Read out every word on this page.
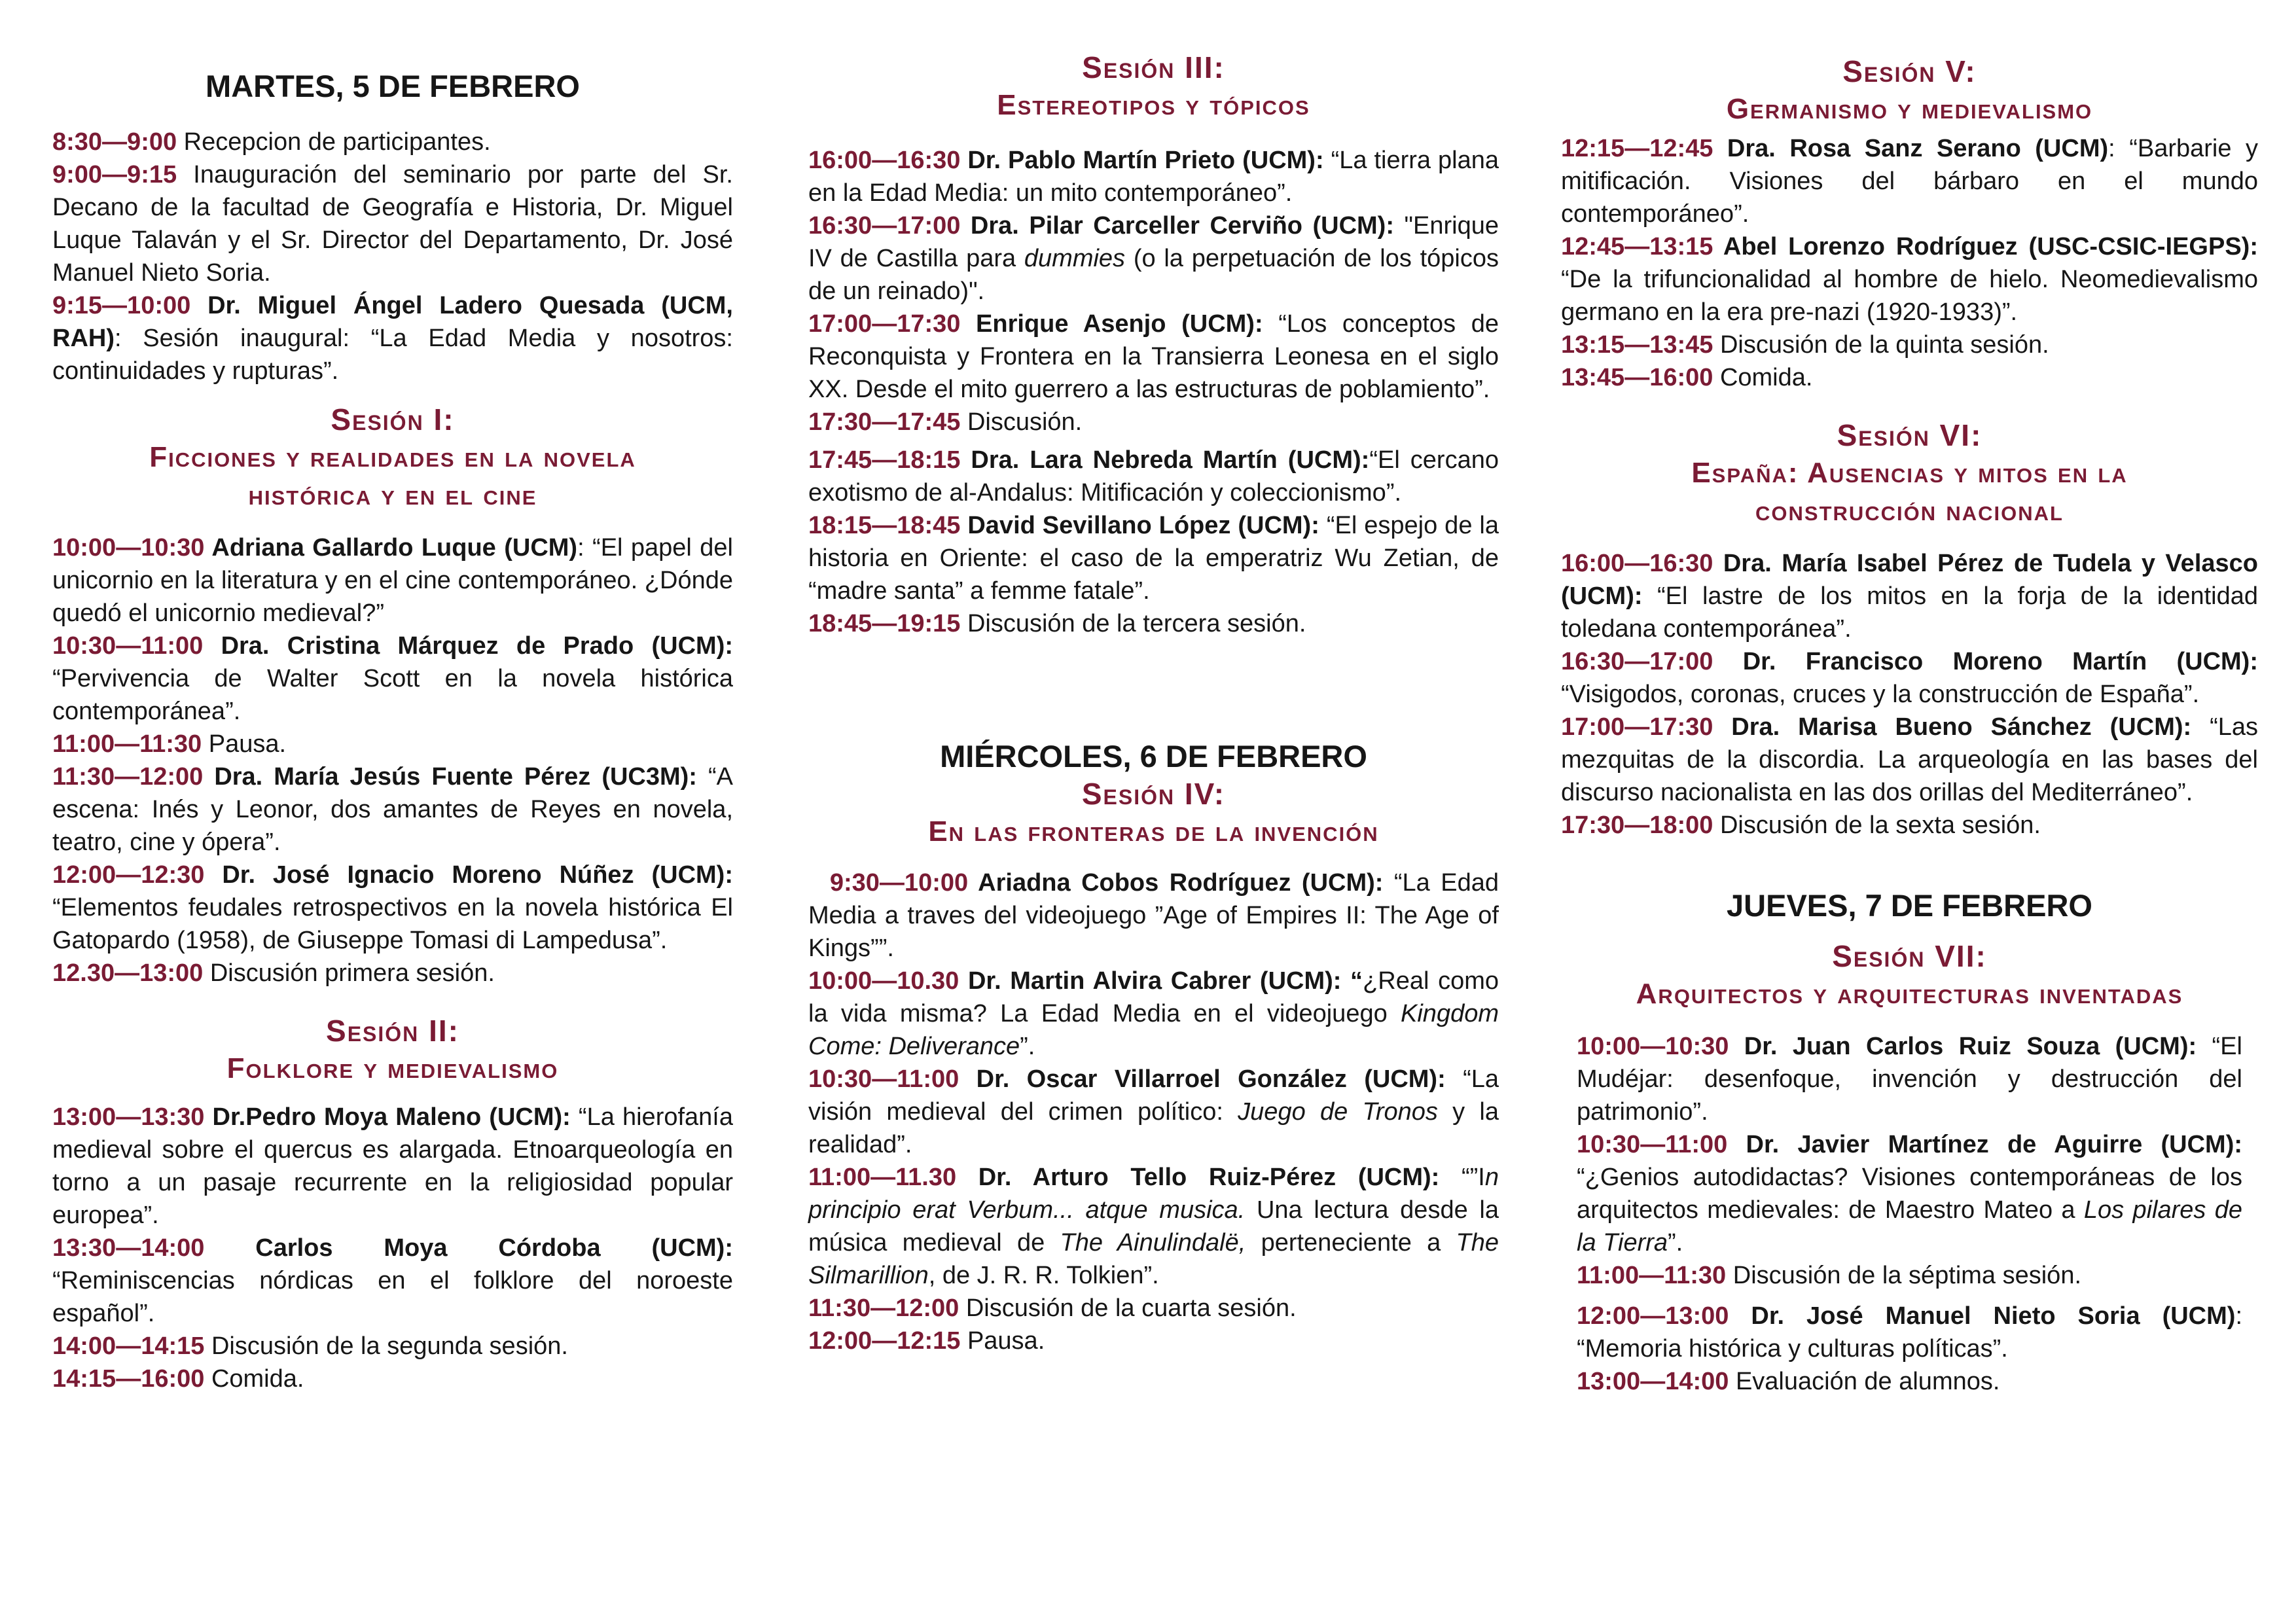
MARTES, 5 DE FEBRERO

8:30—9:00 Recepcion de participantes.

9:00—9:15 Inauguración del seminario por parte del Sr. Decano de la facultad de Geografía e Historia, Dr. Miguel Luque Talaván y el Sr. Director del Departamento, Dr. José Manuel Nieto Soria.

9:15—10:00 Dr. Miguel Ángel Ladero Quesada (UCM, RAH): Sesión inaugural: “La Edad Media y nosotros: continuidades y rupturas”.

Sesión I:
Ficciones y realidades en la novela histórica y en el cine

10:00—10:30 Adriana Gallardo Luque (UCM): “El papel del unicornio en la literatura y en el cine contemporáneo. ¿Dónde quedó el unicornio medieval?”

10:30—11:00 Dra. Cristina Márquez de Prado (UCM): “Pervivencia de Walter Scott en la novela histórica contemporánea”.

11:00—11:30 Pausa.

11:30—12:00 Dra. María Jesús Fuente Pérez (UC3M): “A escena: Inés y Leonor, dos amantes de Reyes en novela, teatro, cine y ópera”.

12:00—12:30 Dr. José Ignacio Moreno Núñez (UCM): “Elementos feudales retrospectivos en la novela histórica El Gatopardo (1958), de Giuseppe Tomasi di Lampedusa”.

12.30—13:00 Discusión primera sesión.

Sesión II:
Folklore y medievalismo

13:00—13:30 Dr.Pedro Moya Maleno (UCM): “La hierofanía medieval sobre el quercus es alargada. Etnoarqueología en torno a un pasaje recurrente en la religiosidad popular europea”.

13:30—14:00 Carlos Moya Córdoba (UCM): “Reminiscencias nórdicas en el folklore del noroeste español”.

14:00—14:15 Discusión de la segunda sesión.

14:15—16:00 Comida.

Sesión III:
Estereotipos y tópicos

16:00—16:30 Dr. Pablo Martín Prieto (UCM): “La tierra plana en la Edad Media: un mito contemporáneo”.

16:30—17:00 Dra. Pilar Carceller Cerviño (UCM): "Enrique IV de Castilla para dummies (o la perpetuación de los tópicos de un reinado)".

17:00—17:30 Enrique Asenjo (UCM): “Los conceptos de Reconquista y Frontera en la Transierra Leonesa en el siglo XX. Desde el mito guerrero a las estructuras de poblamiento”.

17:30—17:45 Discusión.

17:45—18:15 Dra. Lara Nebreda Martín (UCM):“El cercano exotismo de al-Andalus: Mitificación y coleccionismo”.

18:15—18:45 David Sevillano López (UCM): “El espejo de la historia en Oriente: el caso de la emperatriz Wu Zetian, de “madre santa” a femme fatale”.

18:45—19:15 Discusión de la tercera sesión.

MIÉRCOLES, 6 DE FEBRERO
Sesión IV:
En las fronteras de la invención

9:30—10:00 Ariadna Cobos Rodríguez (UCM): “La Edad Media a traves del videojuego ”Age of Empires II: The Age of Kings””.

10:00—10.30 Dr. Martin Alvira Cabrer (UCM): “¿Real como la vida misma? La Edad Media en el videojuego Kingdom Come: Deliverance”.

10:30—11:00 Dr. Oscar Villarroel González (UCM): “La visión medieval del crimen político: Juego de Tronos y la realidad”.

11:00—11.30 Dr. Arturo Tello Ruiz-Pérez (UCM): “”In principio erat Verbum... atque musica. Una lectura desde la música medieval de The Ainulindalë, perteneciente a The Silmarillion, de J. R. R. Tolkien”.

11:30—12:00 Discusión de la cuarta sesión.

12:00—12:15 Pausa.

Sesión V:
Germanismo y medievalismo

12:15—12:45 Dra. Rosa Sanz Serano (UCM): “Barbarie y mitificación. Visiones del bárbaro en el mundo contemporáneo”.

12:45—13:15 Abel Lorenzo Rodríguez (USC-CSIC-IEGPS): “De la trifuncionalidad al hombre de hielo. Neomedievalismo germano en la era pre-nazi (1920-1933)”.

13:15—13:45 Discusión de la quinta sesión.

13:45—16:00 Comida.

Sesión VI:
España: Ausencias y mitos en la construcción nacional

16:00—16:30 Dra. María Isabel Pérez de Tudela y Velasco (UCM): “El lastre de los mitos en la forja de la identidad toledana contemporánea”.

16:30—17:00 Dr. Francisco Moreno Martín (UCM): “Visigodos, coronas, cruces y la construcción de España”.

17:00—17:30 Dra. Marisa Bueno Sánchez (UCM): “Las mezquitas de la discordia. La arqueología en las bases del discurso nacionalista en las dos orillas del Mediterráneo”.

17:30—18:00 Discusión de la sexta sesión.

JUEVES, 7 DE FEBRERO
Sesión VII:
Arquitectos y arquitecturas inventadas

10:00—10:30 Dr. Juan Carlos Ruiz Souza (UCM): “El Mudéjar: desenfoque, invención y destrucción del patrimonio”.

10:30—11:00 Dr. Javier Martínez de Aguirre (UCM): “¿Genios autodidactas? Visiones contemporáneas de los arquitectos medievales: de Maestro Mateo a Los pilares de la Tierra”.

11:00—11:30 Discusión de la séptima sesión.

12:00—13:00 Dr. José Manuel Nieto Soria (UCM): “Memoria histórica y culturas políticas”.

13:00—14:00 Evaluación de alumnos.
